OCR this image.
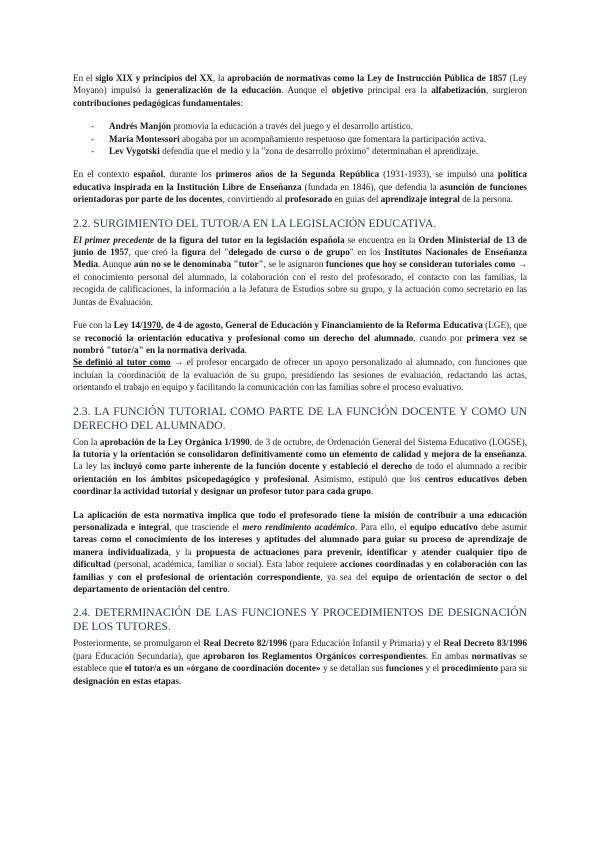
En el siglo XIX y principios del XX, la aprobación de normativas como la Ley de Instrucción Pública de 1857 (Ley Moyano) impulsó la generalización de la educación. Aunque el objetivo principal era la alfabetización, surgieron contribuciones pedagógicas fundamentales:

- Andrés Manjón promovía la educación a través del juego y el desarrollo artístico.
- María Montessori abogaba por un acompañamiento respetuoso que fomentara la participación activa.
- Lev Vygotski defendía que el medio y la "zona de desarrollo próximo" determinaban el aprendizaje.

En el contexto español, durante los primeros años de la Segunda República (1931-1933), se impulsó una política educativa inspirada en la Institución Libre de Enseñanza (fundada en 1846), que defendía la asunción de funciones orientadoras por parte de los docentes, convirtiendo al profesorado en guías del aprendizaje integral de la persona.

2.2. SURGIMIENTO DEL TUTOR/A EN LA LEGISLACIÓN EDUCATIVA.

El primer precedente de la figura del tutor en la legislación española se encuentra en la Orden Ministerial de 13 de junio de 1957, que creó la figura del "delegado de curso o de grupo" en los Institutos Nacionales de Enseñanza Media. Aunque aún no se le denominaba "tutor", se le asignaron funciones que hoy se consideran tutoriales como → el conocimiento personal del alumnado, la colaboración con el resto del profesorado, el contacto con las familias, la recogida de calificaciones, la información a la Jefatura de Estudios sobre su grupo, y la actuación como secretario en las Juntas de Evaluación.

Fue con la Ley 14/1970, de 4 de agosto, General de Educación y Financiamiento de la Reforma Educativa (LGE), que se reconoció la orientación educativa y profesional como un derecho del alumnado, cuando por primera vez se nombró "tutor/a" en la normativa derivada.

Se definió al tutor como → el profesor encargado de ofrecer un apoyo personalizado al alumnado, con funciones que incluían la coordinación de la evaluación de su grupo, presidiendo las sesiones de evaluación, redactando las actas, orientando el trabajo en equipo y facilitando la comunicación con las familias sobre el proceso evaluativo.

2.3. LA FUNCIÓN TUTORIAL COMO PARTE DE LA FUNCIÓN DOCENTE Y COMO UN DERECHO DEL ALUMNADO.

Con la aprobación de la Ley Orgánica 1/1990, de 3 de octubre, de Ordenación General del Sistema Educativo (LOGSE), la tutoría y la orientación se consolidaron definitivamente como un elemento de calidad y mejora de la enseñanza. La ley las incluyó como parte inherente de la función docente y estableció el derecho de todo el alumnado a recibir orientación en los ámbitos psicopedagógico y profesional. Asimismo, estipuló que los centros educativos deben coordinar la actividad tutorial y designar un profesor tutor para cada grupo.

La aplicación de esta normativa implica que todo el profesorado tiene la misión de contribuir a una educación personalizada e integral, que trasciende el mero rendimiento académico. Para ello, el equipo educativo debe asumir tareas como el conocimiento de los intereses y aptitudes del alumnado para guiar su proceso de aprendizaje de manera individualizada, y la propuesta de actuaciones para prevenir, identificar y atender cualquier tipo de dificultad (personal, académica, familiar o social). Esta labor requiere acciones coordinadas y en colaboración con las familias y con el profesional de orientación correspondiente, ya sea del equipo de orientación de sector o del departamento de orientación del centro.

2.4. DETERMINACIÓN DE LAS FUNCIONES Y PROCEDIMIENTOS DE DESIGNACIÓN DE LOS TUTORES.

Posteriormente, se promulgaron el Real Decreto 82/1996 (para Educación Infantil y Primaria) y el Real Decreto 83/1996 (para Educación Secundaria), que aprobaron los Reglamentos Orgánicos correspondientes. En ambas normativas se establece que el tutor/a es un «órgano de coordinación docente» y se detallan sus funciones y el procedimiento para su designación en estas etapas.
